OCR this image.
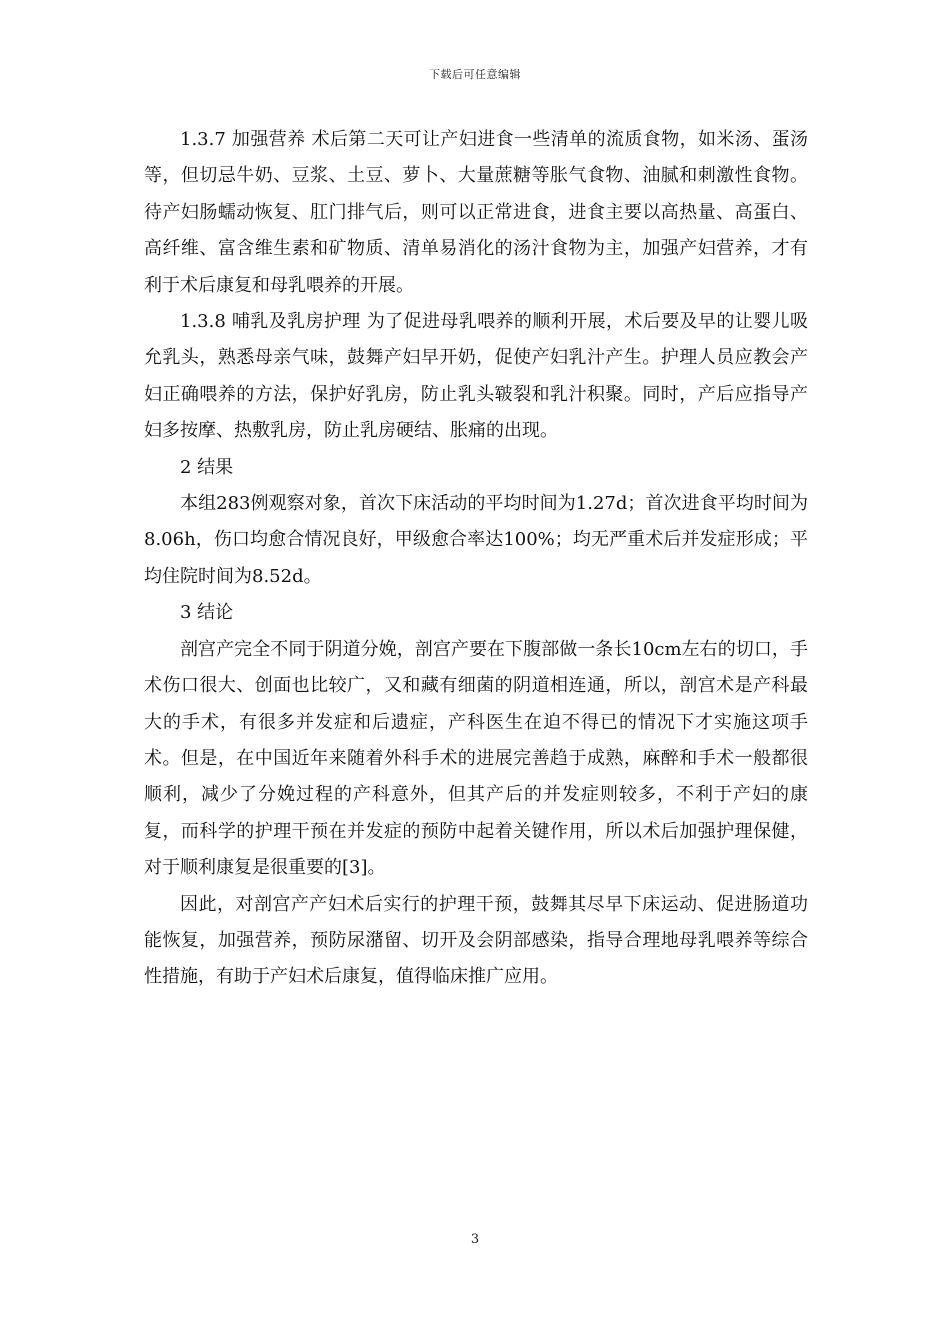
下载后可任意编辑

1.3.7 加强营养 术后第二天可让产妇进食一些清单的流质食物，如米汤、蛋汤等，但切忌牛奶、豆浆、土豆、萝卜、大量蔗糖等胀气食物、油腻和刺激性食物。待产妇肠蠕动恢复、肛门排气后，则可以正常进食，进食主要以高热量、高蛋白、高纤维、富含维生素和矿物质、清单易消化的汤汁食物为主，加强产妇营养，才有利于术后康复和母乳喂养的开展。

1.3.8 哺乳及乳房护理 为了促进母乳喂养的顺利开展，术后要及早的让婴儿吸允乳头，熟悉母亲气味，鼓舞产妇早开奶，促使产妇乳汁产生。护理人员应教会产妇正确喂养的方法，保护好乳房，防止乳头皲裂和乳汁积聚。同时，产后应指导产妇多按摩、热敷乳房，防止乳房硬结、胀痛的出现。

2 结果

本组283例观察对象，首次下床活动的平均时间为1.27d；首次进食平均时间为8.06h，伤口均愈合情况良好，甲级愈合率达100%；均无严重术后并发症形成；平均住院时间为8.52d。

3 结论

剖宫产完全不同于阴道分娩，剖宫产要在下腹部做一条长10cm左右的切口，手术伤口很大、创面也比较广，又和藏有细菌的阴道相连通，所以，剖宫术是产科最大的手术，有很多并发症和后遗症，产科医生在迫不得已的情况下才实施这项手术。但是，在中国近年来随着外科手术的进展完善趋于成熟，麻醉和手术一般都很顺利，减少了分娩过程的产科意外，但其产后的并发症则较多，不利于产妇的康复，而科学的护理干预在并发症的预防中起着关键作用，所以术后加强护理保健，对于顺利康复是很重要的[3]。

因此，对剖宫产产妇术后实行的护理干预，鼓舞其尽早下床运动、促进肠道功能恢复，加强营养，预防尿潴留、切开及会阴部感染，指导合理地母乳喂养等综合性措施，有助于产妇术后康复，值得临床推广应用。

3
